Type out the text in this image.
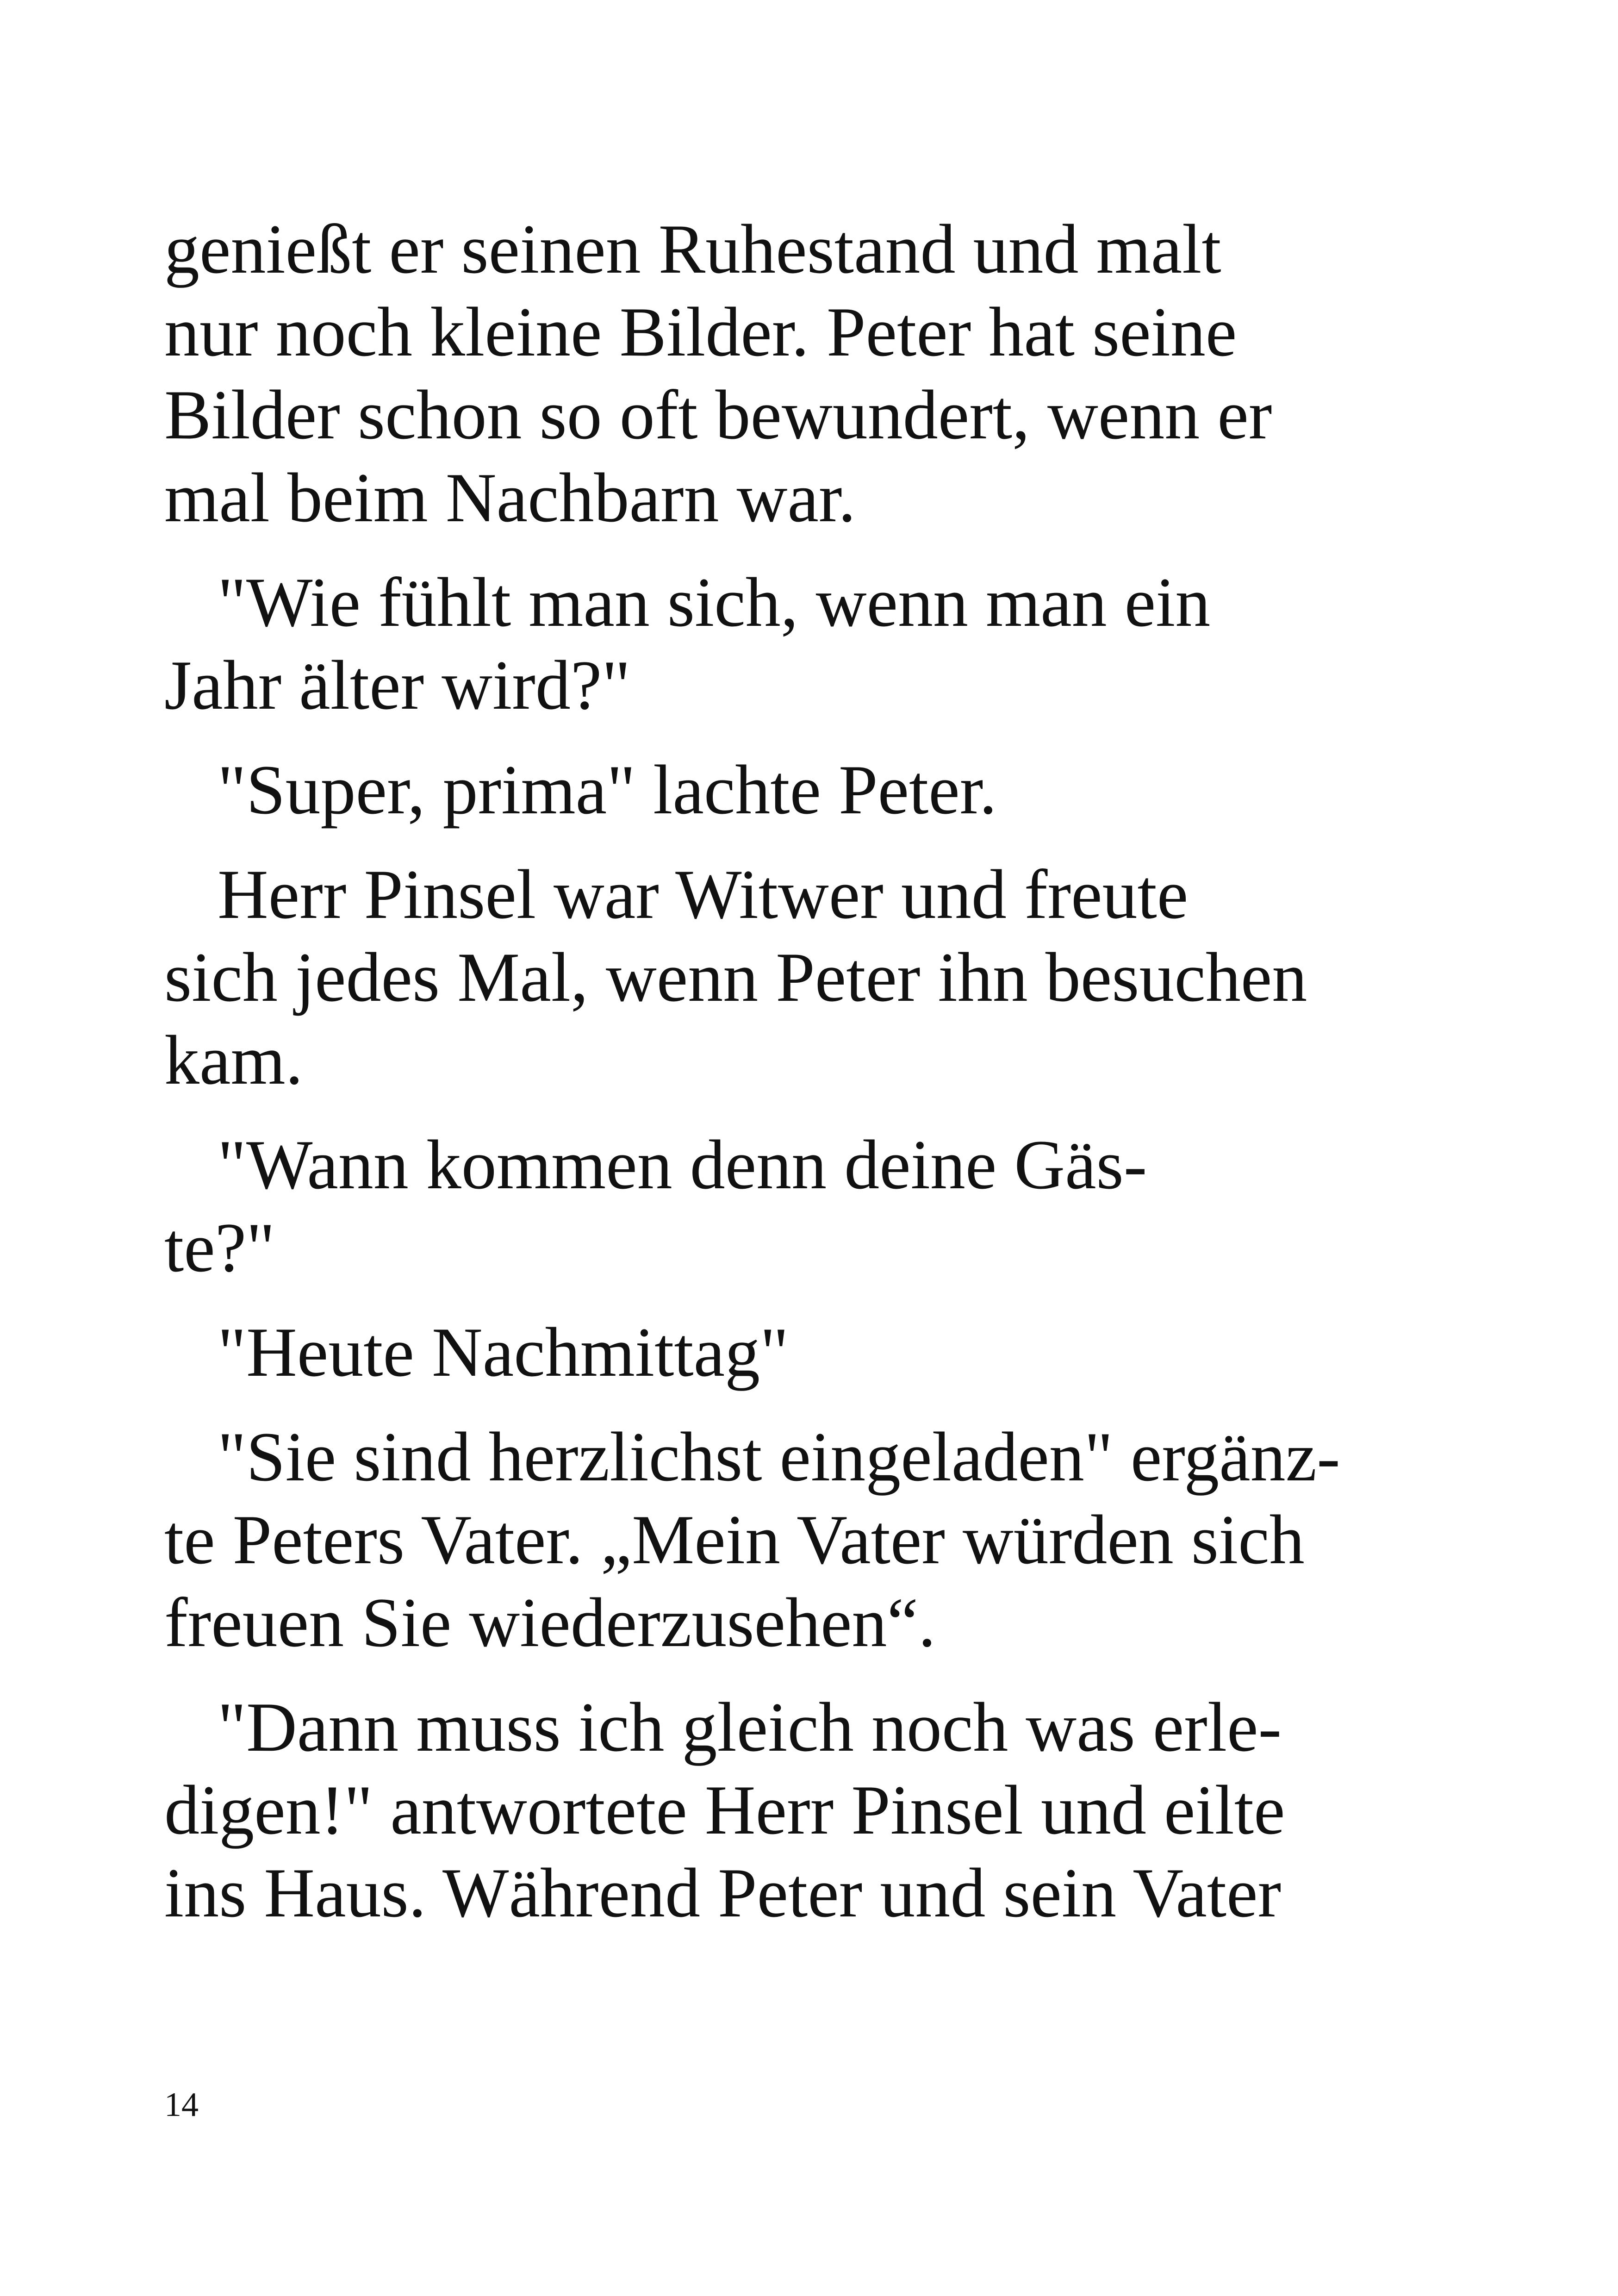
genießt er seinen Ruhestand und malt

nur noch kleine Bilder. Peter hat seine

Bilder schon so oft bewundert, wenn er

mal beim Nachbarn war.

"Wie fühlt man sich, wenn man ein

Jahr älter wird?"

"Super, prima" lachte Peter.

Herr Pinsel war Witwer und freute

sich jedes Mal, wenn Peter ihn besuchen

kam.

"Wann kommen denn deine Gäs-

te?"

"Heute Nachmittag"

"Sie sind herzlichst eingeladen" ergänz-

te Peters Vater. „Mein Vater würden sich

freuen Sie wiederzusehen“.

"Dann muss ich gleich noch was erle-

digen!" antwortete Herr Pinsel und eilte

ins Haus. Während Peter und sein Vater

14
